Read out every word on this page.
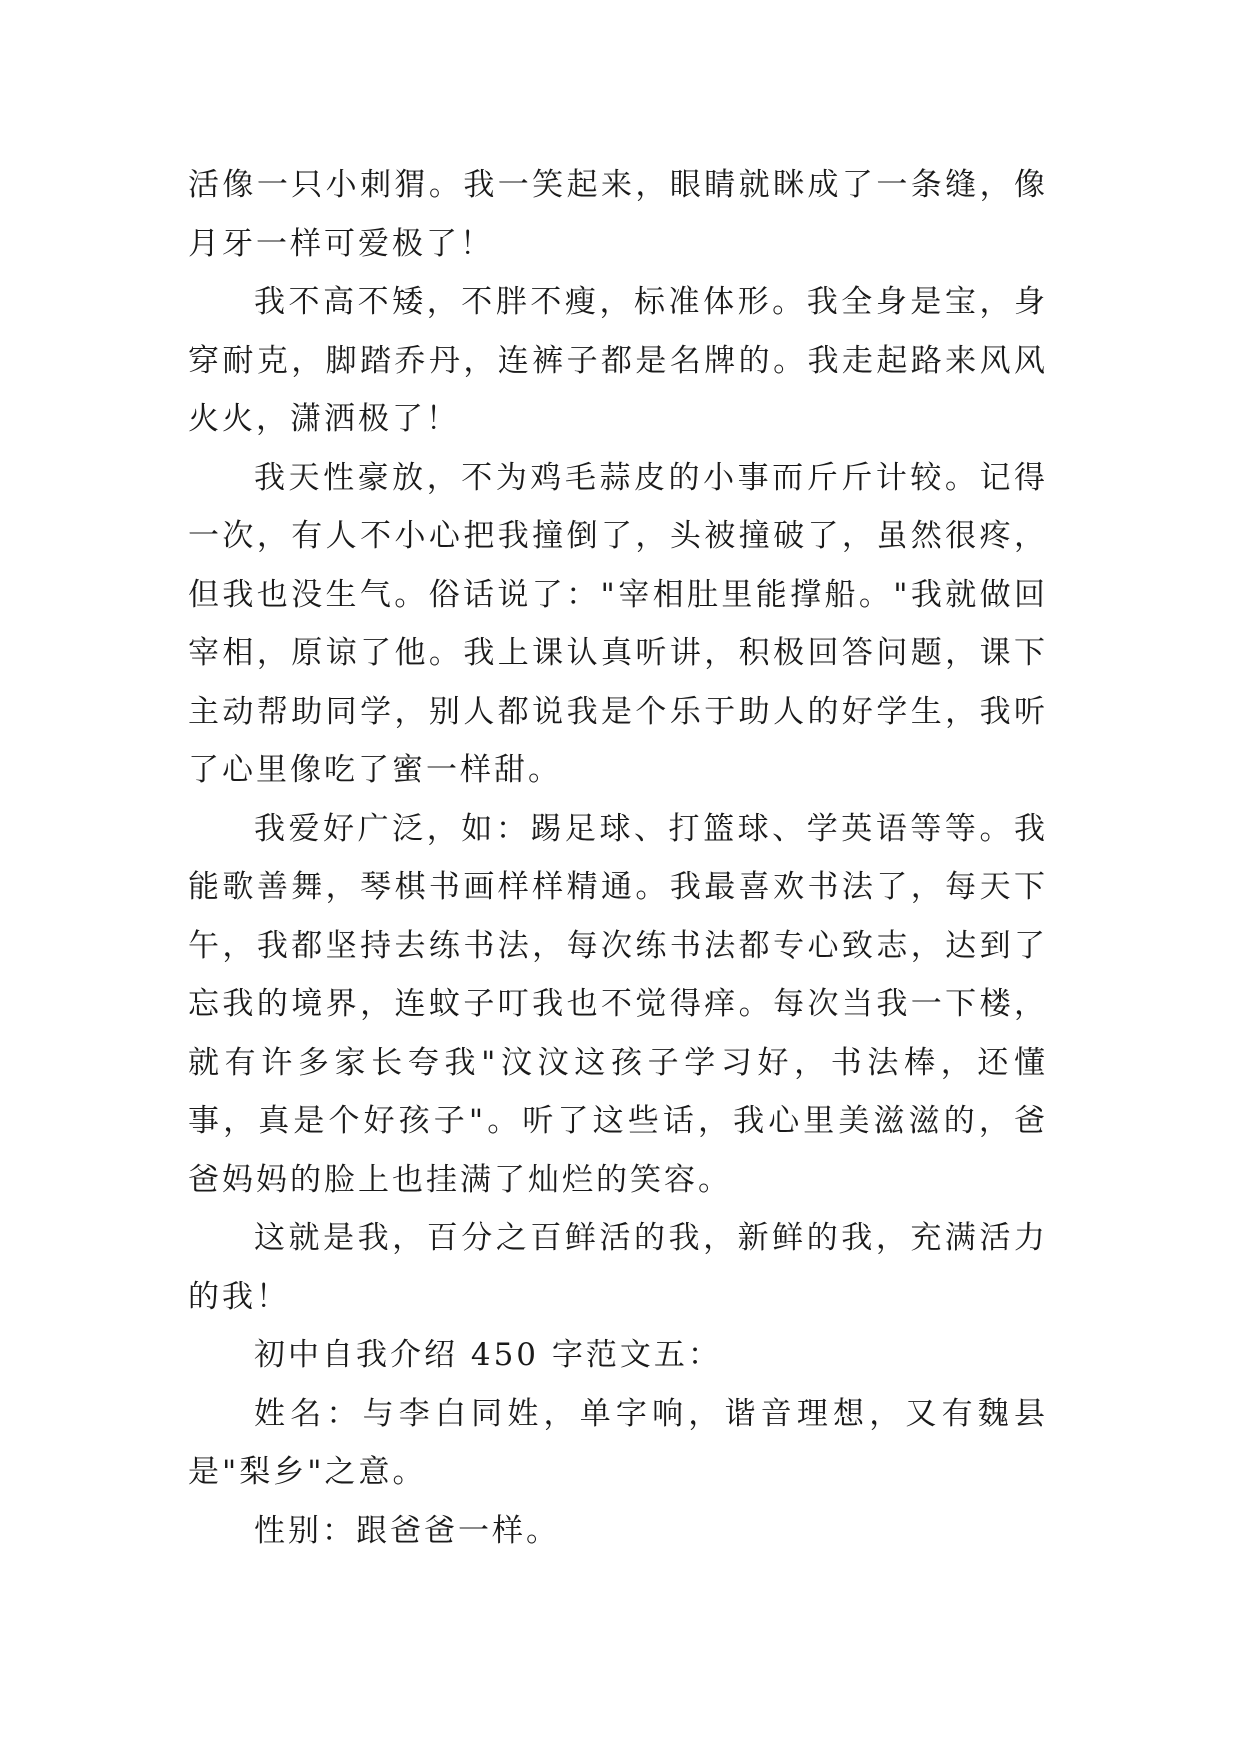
活像一只小刺猬。我一笑起来，眼睛就眯成了一条缝，像月牙一样可爱极了！

我不高不矮，不胖不瘦，标准体形。我全身是宝，身穿耐克，脚踏乔丹，连裤子都是名牌的。我走起路来风风火火，潇洒极了！

我天性豪放，不为鸡毛蒜皮的小事而斤斤计较。记得一次，有人不小心把我撞倒了，头被撞破了，虽然很疼，但我也没生气。俗话说了："宰相肚里能撑船。"我就做回宰相，原谅了他。我上课认真听讲，积极回答问题，课下主动帮助同学，别人都说我是个乐于助人的好学生，我听了心里像吃了蜜一样甜。

我爱好广泛，如：踢足球、打篮球、学英语等等。我能歌善舞，琴棋书画样样精通。我最喜欢书法了，每天下午，我都坚持去练书法，每次练书法都专心致志，达到了忘我的境界，连蚊子叮我也不觉得痒。每次当我一下楼，就有许多家长夸我"汶汶这孩子学习好，书法棒，还懂事，真是个好孩子"。听了这些话，我心里美滋滋的，爸爸妈妈的脸上也挂满了灿烂的笑容。

这就是我，百分之百鲜活的我，新鲜的我，充满活力的我！

初中自我介绍 450 字范文五：

姓名：与李白同姓，单字响，谐音理想，又有魏县是"梨乡"之意。

性别：跟爸爸一样。
